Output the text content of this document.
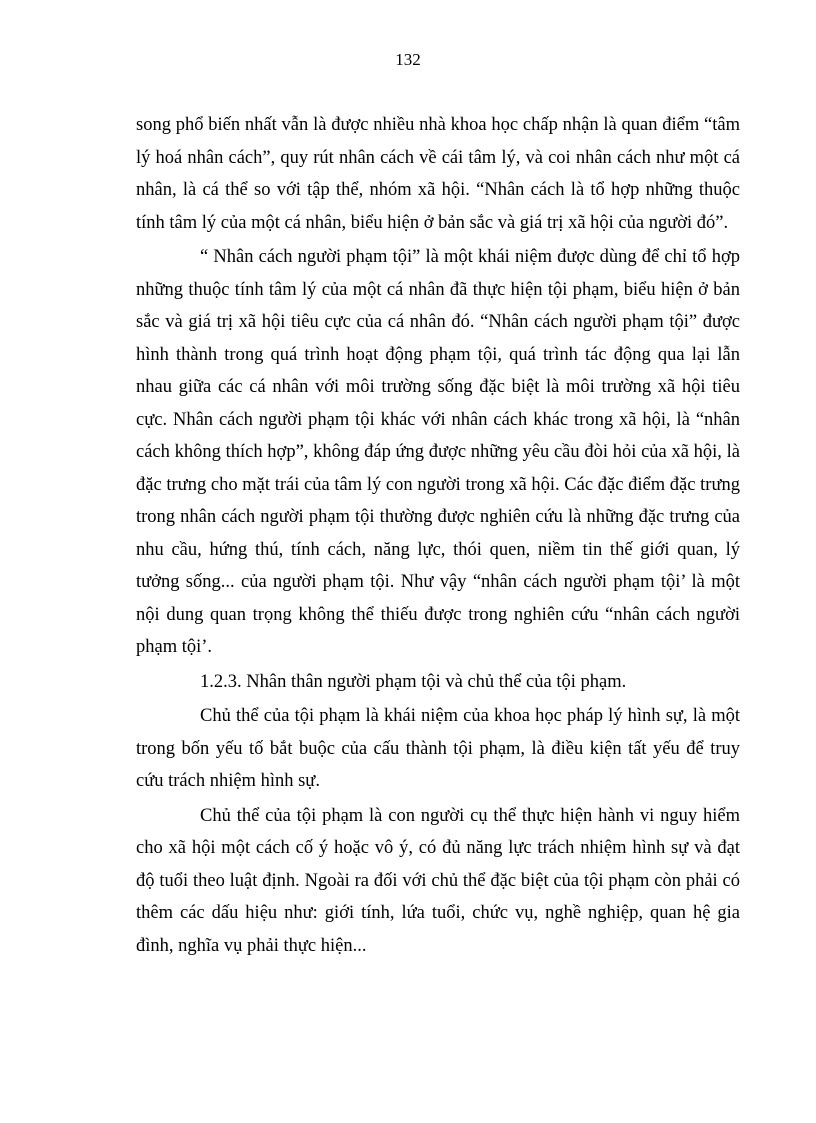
132

song phổ biến nhất vẫn là được nhiều nhà khoa học chấp nhận là quan điểm “tâm lý hoá nhân cách”, quy rút nhân cách về cái tâm lý, và coi nhân cách như một cá nhân, là cá thể so với tập thể, nhóm xã hội. “Nhân cách là tổ hợp những thuộc tính tâm lý của một cá nhân, biểu hiện ở bản sắc và giá trị xã hội của người đó”.

“ Nhân cách người phạm tội” là một khái niệm được dùng để chỉ tổ hợp những thuộc tính tâm lý của một cá nhân đã thực hiện tội phạm, biểu hiện ở bản sắc và giá trị xã hội tiêu cực của cá nhân đó. “Nhân cách người phạm tội” được hình thành trong quá trình hoạt động phạm tội, quá trình tác động qua lại lẫn nhau giữa các cá nhân với môi trường sống đặc biệt là môi trường xã hội tiêu cực. Nhân cách người phạm tội khác với nhân cách khác trong xã hội, là “nhân cách không thích hợp”, không đáp ứng được những yêu cầu đòi hỏi của xã hội, là đặc trưng cho mặt trái của tâm lý con người trong xã hội. Các đặc điểm đặc trưng trong nhân cách người phạm tội thường được nghiên cứu là những đặc trưng của nhu cầu, hứng thú, tính cách, năng lực, thói quen, niềm tin thế giới quan, lý tưởng sống... của người phạm tội. Như vậy “nhân cách người phạm tội’ là một nội dung quan trọng không thể thiếu được trong nghiên cứu “nhân cách người phạm tội’.

1.2.3. Nhân thân người phạm tội và chủ thể của tội phạm.

Chủ thể của tội phạm là khái niệm của khoa học pháp lý hình sự, là một trong bốn yếu tố bắt buộc của cấu thành tội phạm, là điều kiện tất yếu để truy cứu trách nhiệm hình sự.

Chủ thể của tội phạm là con người cụ thể thực hiện hành vi nguy hiểm cho xã hội một cách cố ý hoặc vô ý, có đủ năng lực trách nhiệm hình sự và đạt độ tuổi theo luật định. Ngoài ra đối với chủ thể đặc biệt của tội phạm còn phải có thêm các dấu hiệu như: giới tính, lứa tuổi, chức vụ, nghề nghiệp, quan hệ gia đình, nghĩa vụ phải thực hiện...
